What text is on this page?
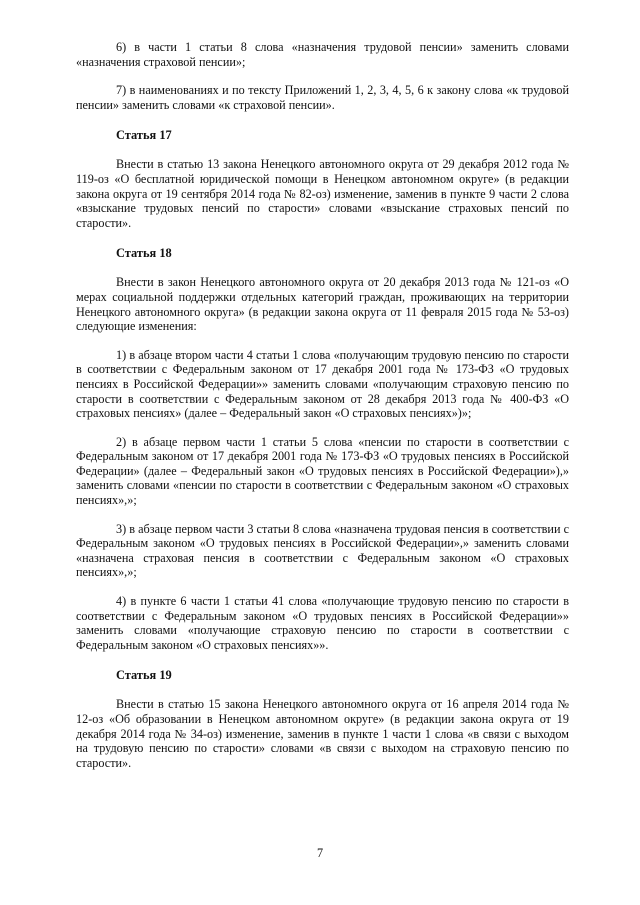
6) в части 1 статьи 8 слова «назначения трудовой пенсии» заменить словами «назначения страховой пенсии»;

7) в наименованиях и по тексту Приложений 1, 2, 3, 4, 5, 6 к закону слова «к трудовой пенсии» заменить словами «к страховой пенсии».

Статья 17

Внести в статью 13 закона Ненецкого автономного округа от 29 декабря 2012 года № 119-оз «О бесплатной юридической помощи в Ненецком автономном округе» (в редакции закона округа от 19 сентября 2014 года № 82-оз) изменение, заменив в пункте 9 части 2 слова «взыскание трудовых пенсий по старости» словами «взыскание страховых пенсий по старости».

Статья 18

Внести в закон Ненецкого автономного округа от 20 декабря 2013 года № 121-оз «О мерах социальной поддержки отдельных категорий граждан, проживающих на территории Ненецкого автономного округа» (в редакции закона округа от 11 февраля 2015 года № 53-оз) следующие изменения:

1) в абзаце втором части 4 статьи 1 слова «получающим трудовую пенсию по старости в соответствии с Федеральным законом от 17 декабря 2001 года № 173-ФЗ «О трудовых пенсиях в Российской Федерации»» заменить словами «получающим страховую пенсию по старости в соответствии с Федеральным законом от 28 декабря 2013 года № 400-ФЗ «О страховых пенсиях» (далее – Федеральный закон «О страховых пенсиях»)»;

2) в абзаце первом части 1 статьи 5 слова «пенсии по старости в соответствии с Федеральным законом от 17 декабря 2001 года № 173-ФЗ «О трудовых пенсиях в Российской Федерации» (далее – Федеральный закон «О трудовых пенсиях в Российской Федерации»),» заменить словами «пенсии по старости в соответствии с Федеральным законом «О страховых пенсиях»,»;

3) в абзаце первом части 3 статьи 8 слова «назначена трудовая пенсия в соответствии с Федеральным законом «О трудовых пенсиях в Российской Федерации»,» заменить словами «назначена страховая пенсия в соответствии с Федеральным законом «О страховых пенсиях»,»;

4) в пункте 6 части 1 статьи 41 слова «получающие трудовую пенсию по старости в соответствии с Федеральным законом «О трудовых пенсиях в Российской Федерации»» заменить словами «получающие страховую пенсию по старости в соответствии с Федеральным законом «О страховых пенсиях»».

Статья 19

Внести в статью 15 закона Ненецкого автономного округа от 16 апреля 2014 года № 12-оз «Об образовании в Ненецком автономном округе» (в редакции закона округа от 19 декабря 2014 года № 34-оз) изменение, заменив в пункте 1 части 1 слова «в связи с выходом на трудовую пенсию по старости» словами «в связи с выходом на страховую пенсию по старости».

7
